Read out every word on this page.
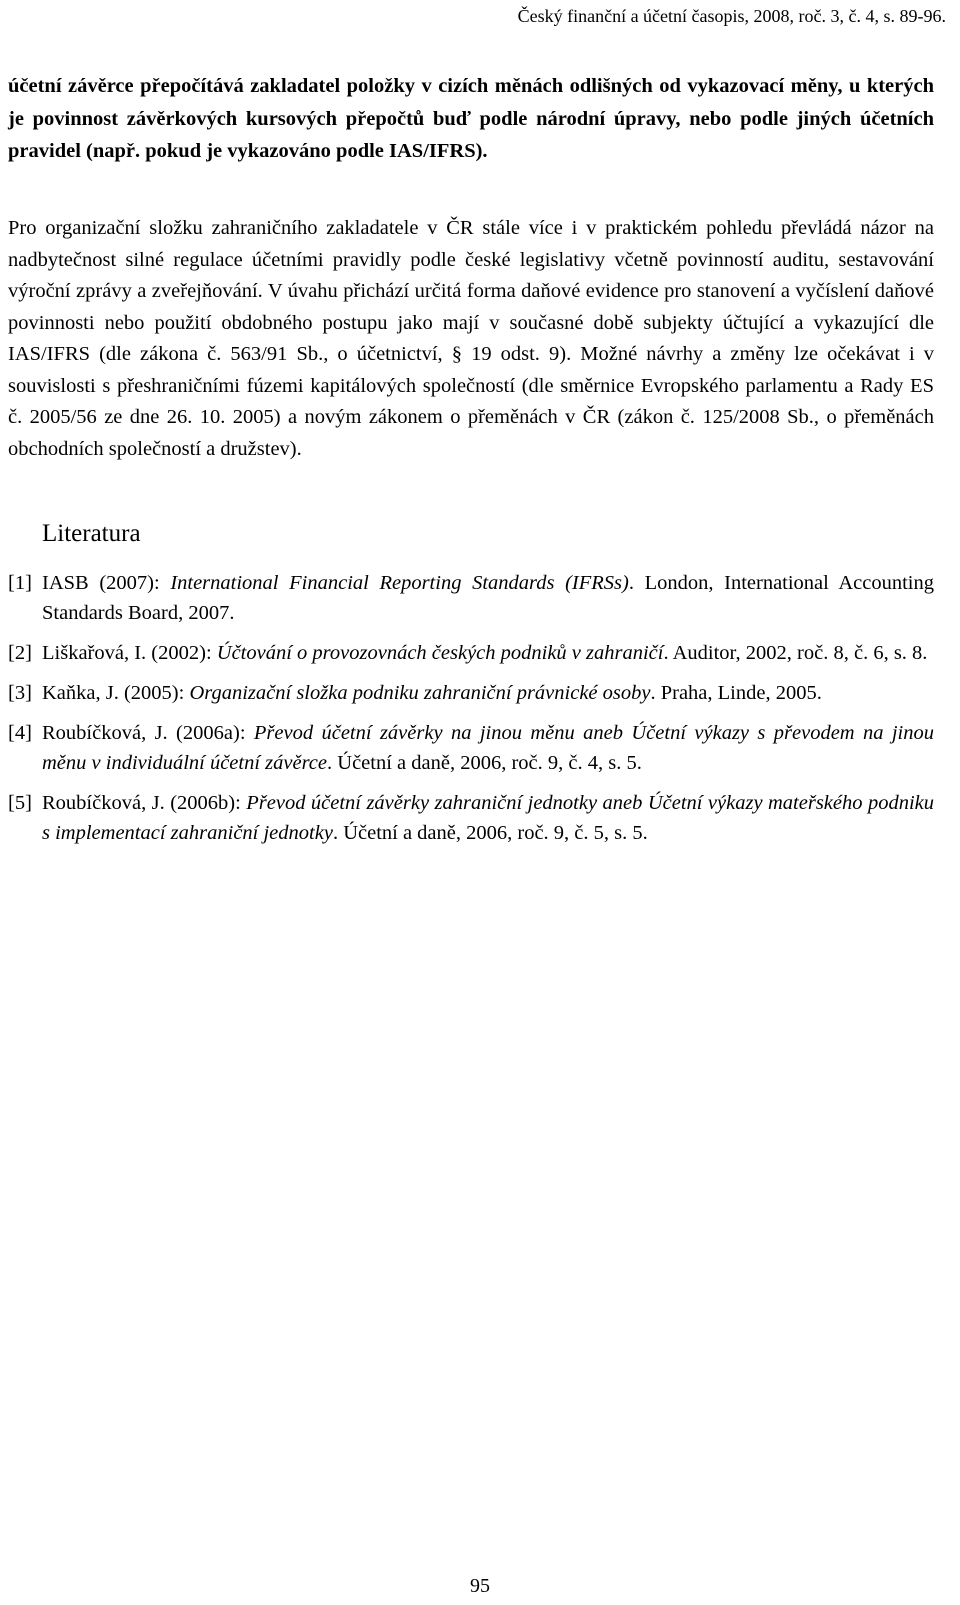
Český finanční a účetní časopis, 2008, roč. 3, č. 4, s. 89-96.
účetní závěrce přepočítává zakladatel položky v cizích měnách odlišných od vykazovací měny, u kterých je povinnost závěrkových kursových přepočtů buď podle národní úpravy, nebo podle jiných účetních pravidel (např. pokud je vykazováno podle IAS/IFRS).
Pro organizační složku zahraničního zakladatele v ČR stále více i v praktickém pohledu převládá názor na nadbytečnost silné regulace účetními pravidly podle české legislativy včetně povinností auditu, sestavování výroční zprávy a zveřejňování. V úvahu přichází určitá forma daňové evidence pro stanovení a vyčíslení daňové povinnosti nebo použití obdobného postupu jako mají v současné době subjekty účtující a vykazující dle IAS/IFRS (dle zákona č. 563/91 Sb., o účetnictví, § 19 odst. 9). Možné návrhy a změny lze očekávat i v souvislosti s přeshraničními fúzemi kapitálových společností (dle směrnice Evropského parlamentu a Rady ES č. 2005/56 ze dne 26. 10. 2005) a novým zákonem o přeměnách v ČR (zákon č. 125/2008 Sb., o přeměnách obchodních společností a družstev).
Literatura
[1] IASB (2007): International Financial Reporting Standards (IFRSs). London, International Accounting Standards Board, 2007.
[2] Liškařová, I. (2002): Účtování o provozovnách českých podniků v zahraničí. Auditor, 2002, roč. 8, č. 6, s. 8.
[3] Kaňka, J. (2005): Organizační složka podniku zahraniční právnické osoby. Praha, Linde, 2005.
[4] Roubíčková, J. (2006a): Převod účetní závěrky na jinou měnu aneb Účetní výkazy s převodem na jinou měnu v individuální účetní závěrce. Účetní a daně, 2006, roč. 9, č. 4, s. 5.
[5] Roubíčková, J. (2006b): Převod účetní závěrky zahraniční jednotky aneb Účetní výkazy mateřského podniku s implementací zahraniční jednotky. Účetní a daně, 2006, roč. 9, č. 5, s. 5.
95
